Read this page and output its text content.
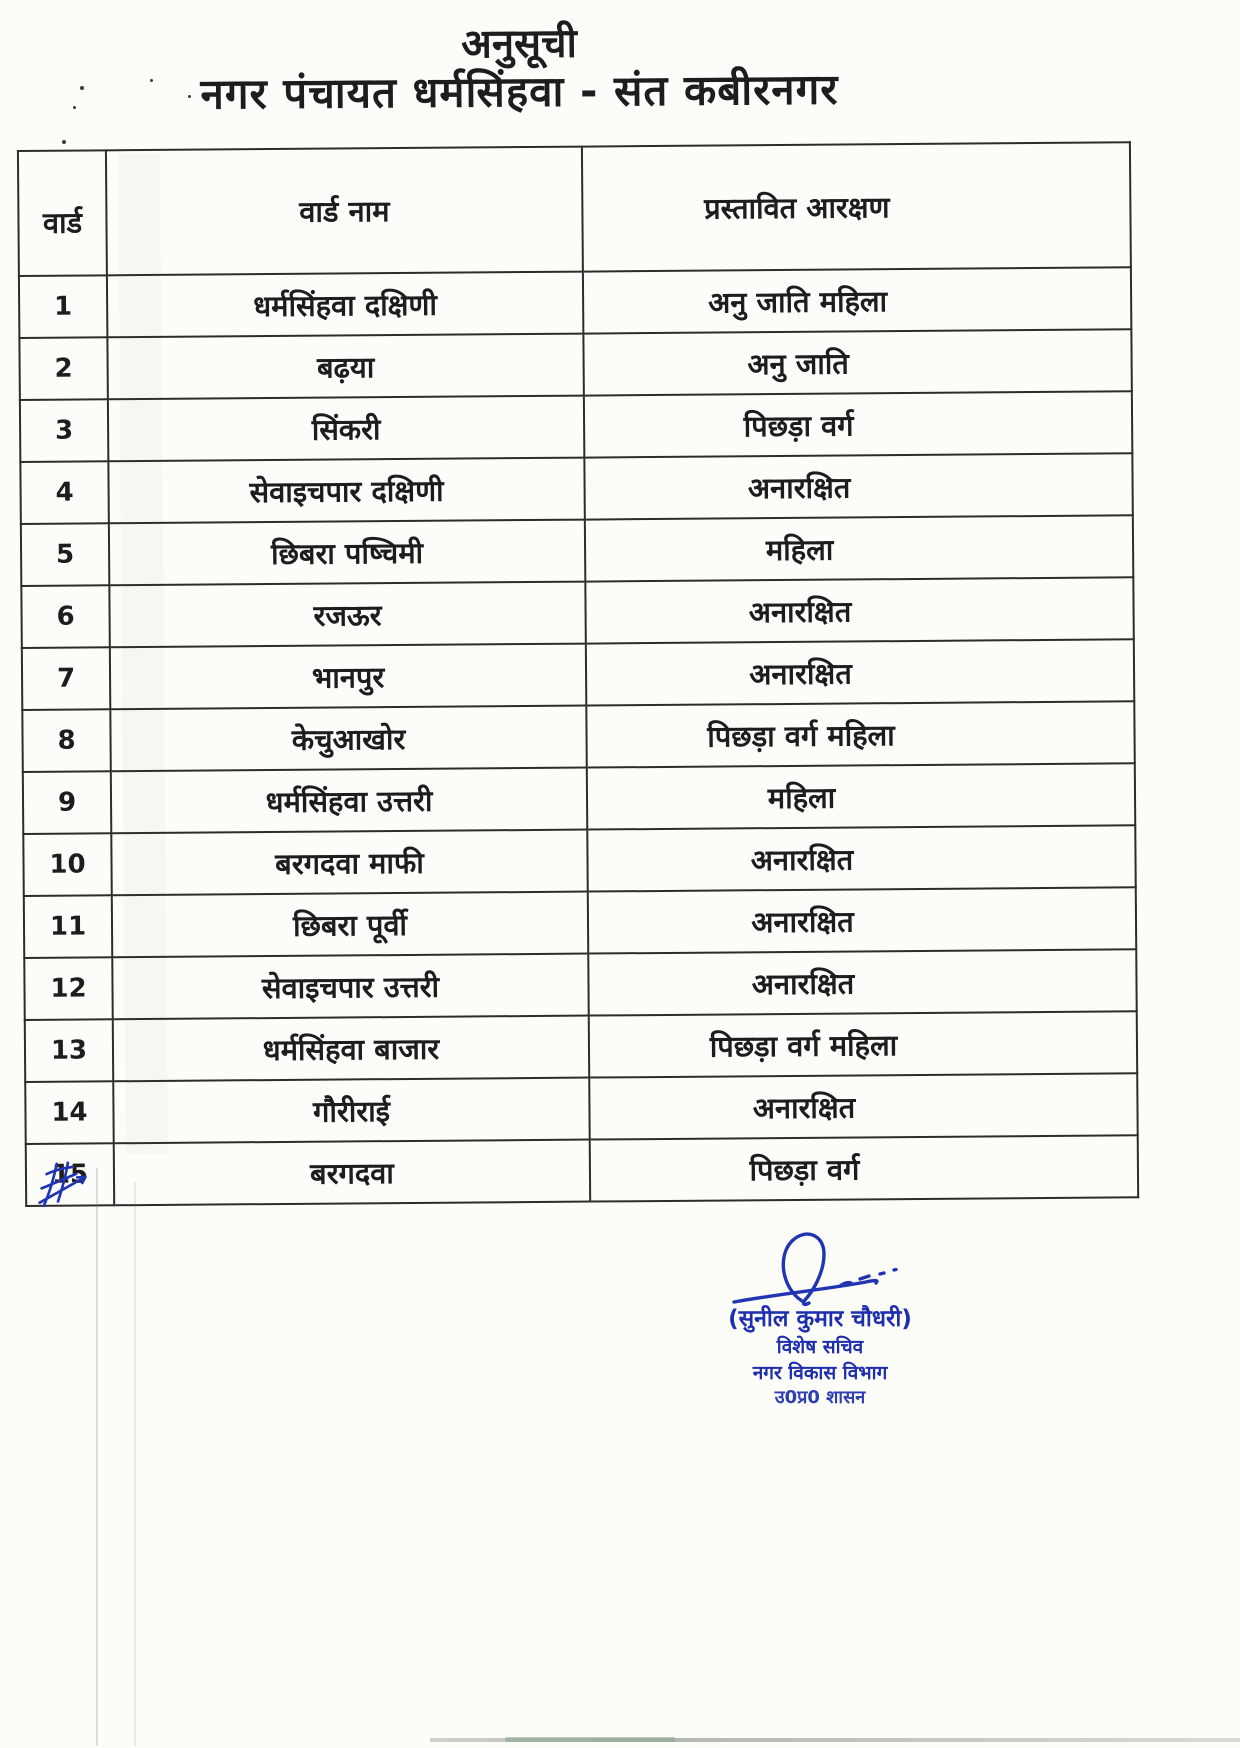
अनुसूची
नगर पंचायत धर्मसिंहवा - संत कबीरनगर
वार्ड	वार्ड नाम	प्रस्तावित आरक्षण
1	धर्मसिंहवा दक्षिणी	अनु जाति महिला
2	बढ़या	अनु जाति
3	सिंकरी	पिछड़ा वर्ग
4	सेवाइचपार दक्षिणी	अनारक्षित
5	छिबरा पष्चिमी	महिला
6	रजऊर	अनारक्षित
7	भानपुर	अनारक्षित
8	केचुआखोर	पिछड़ा वर्ग महिला
9	धर्मसिंहवा उत्तरी	महिला
10	बरगदवा माफी	अनारक्षित
11	छिबरा पूर्वी	अनारक्षित
12	सेवाइचपार उत्तरी	अनारक्षित
13	धर्मसिंहवा बाजार	पिछड़ा वर्ग महिला
14	गौरीराई	अनारक्षित
15	बरगदवा	पिछड़ा वर्ग
(सुनील कुमार चौधरी)
विशेष सचिव
नगर विकास विभाग
उ0प्र0 शासन
